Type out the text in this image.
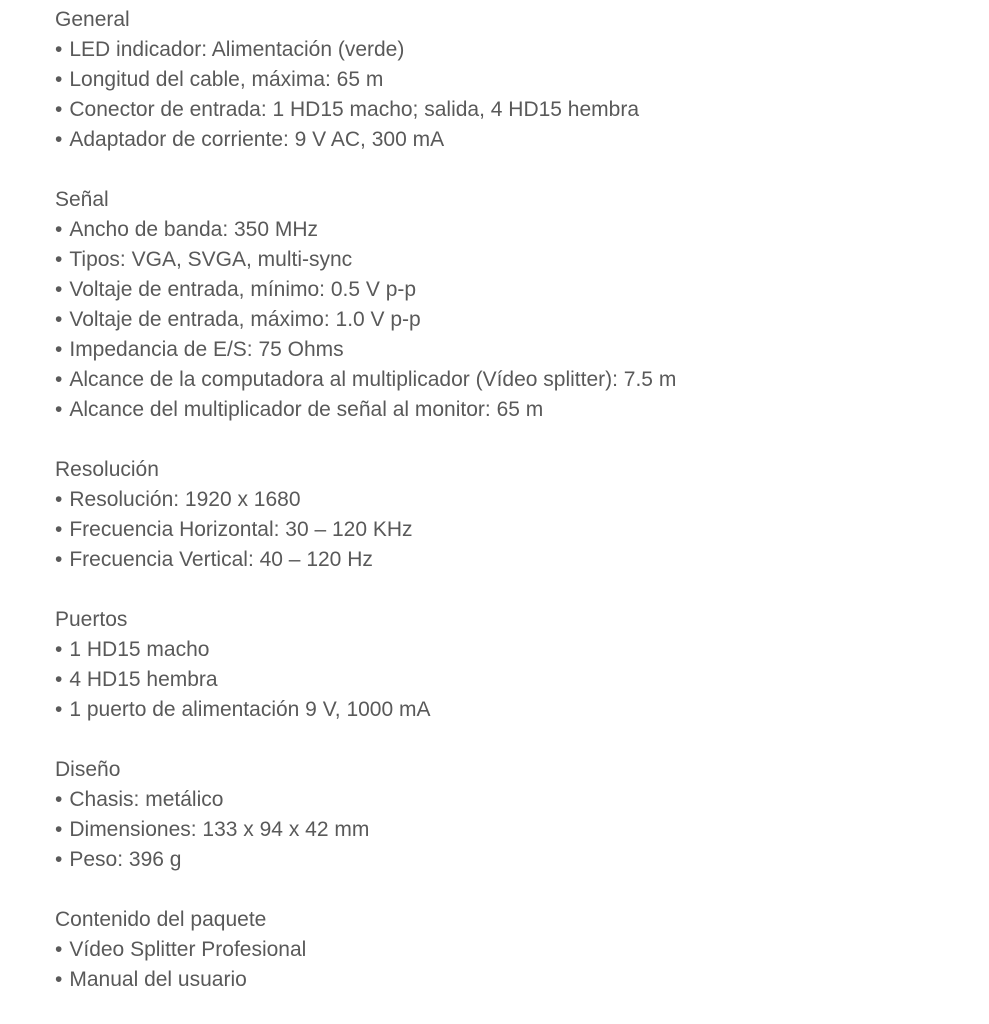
General
• LED indicador: Alimentación (verde)
• Longitud del cable, máxima: 65 m
• Conector de entrada: 1 HD15 macho; salida, 4 HD15 hembra
• Adaptador de corriente: 9 V AC, 300 mA
Señal
• Ancho de banda: 350 MHz
• Tipos: VGA, SVGA, multi-sync
• Voltaje de entrada, mínimo: 0.5 V p-p
• Voltaje de entrada, máximo: 1.0 V p-p
• Impedancia de E/S: 75 Ohms
• Alcance de la computadora al multiplicador (Vídeo splitter): 7.5 m
• Alcance del multiplicador de señal al monitor: 65 m
Resolución
• Resolución: 1920 x 1680
• Frecuencia Horizontal: 30 – 120 KHz
• Frecuencia Vertical: 40 – 120 Hz
Puertos
• 1 HD15 macho
• 4 HD15 hembra
• 1 puerto de alimentación 9 V, 1000 mA
Diseño
• Chasis: metálico
• Dimensiones: 133 x 94 x 42 mm
• Peso: 396 g
Contenido del paquete
• Vídeo Splitter Profesional
• Manual del usuario
